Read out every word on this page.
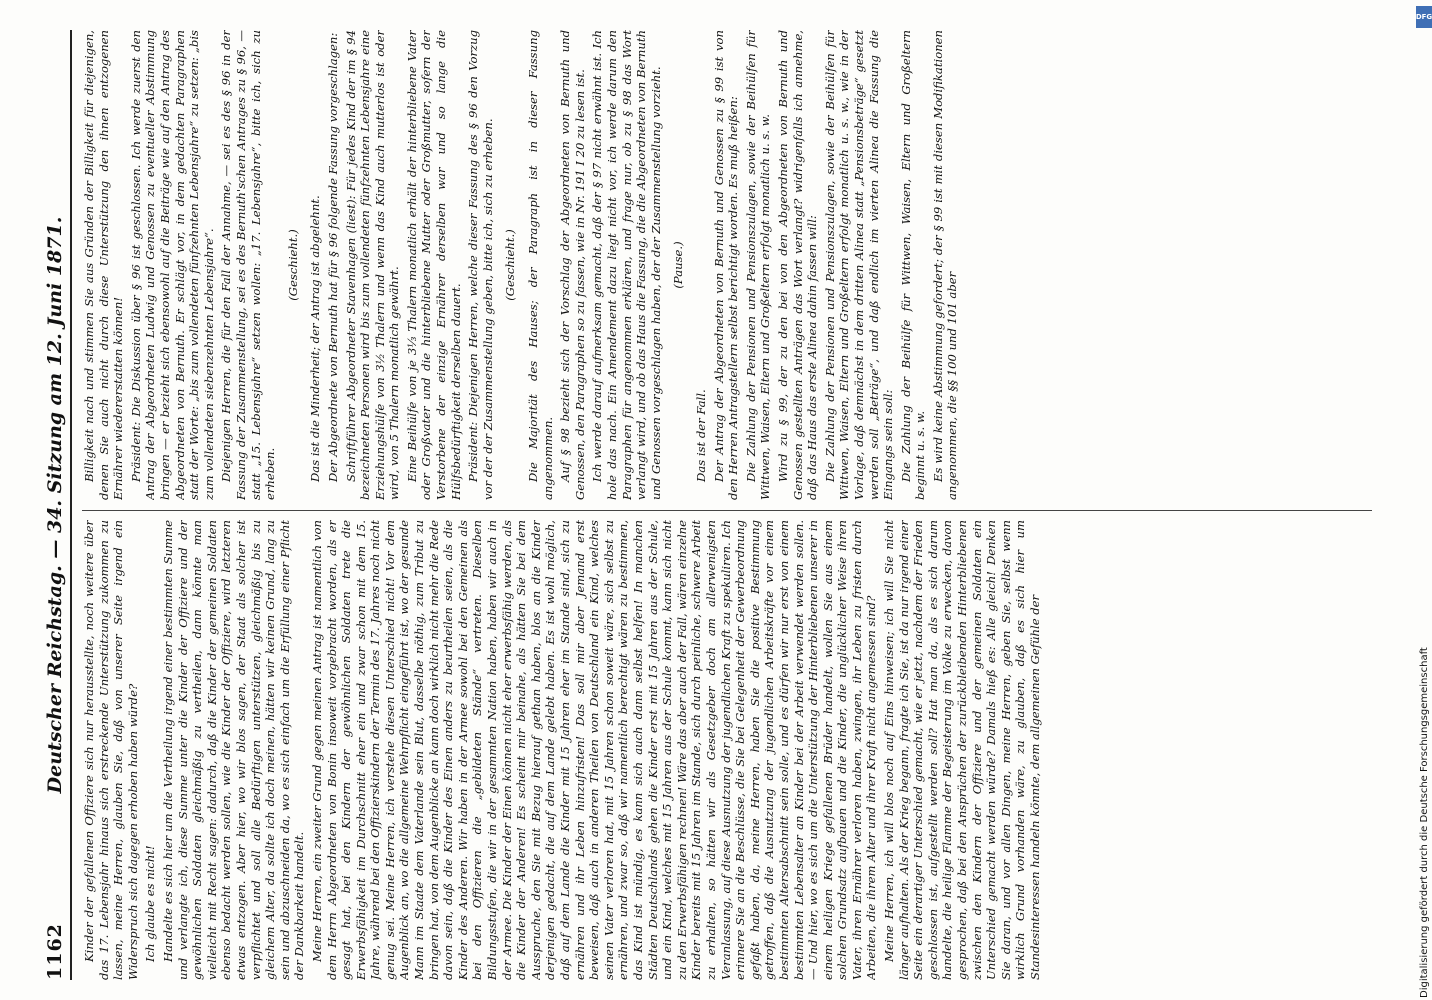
1162
Deutscher Reichstag. — 34. Sitzung am 12. Juni 1871. Kinder der gefallenen Offiziere sich nur herausstellte, noch weitere über das 17. Lebensjahr hinaus sich erstreckende Unterstützung zukommen zu lassen, meine Herren, glauben Sie, daß von unserer Seite irgend ein Widerspruch sich dagegen erhoben haben würde? Ich glaube es nicht! Handelte es sich hier um die Vertheilung irgend einer bestimmten Summe und verlangte ich, diese Summe unter die Kinder der Offiziere und der gewöhnlichen Soldaten gleichmäßig zu vertheilen, dann könnte man vielleicht mit Recht sagen: dadurch, daß die Kinder der gemeinen Soldaten ebenso bedacht werden sollen, wie die Kinder der Offiziere, wird letzteren etwas entzogen. Aber hier, wo wir blos sagen, der Staat als solcher ist verpflichtet und soll alle Bedürftigen unterstützen, gleichmäßig bis zu gleichem Alter, da sollte ich doch meinen, hätten wir keinen Grund, lang zu sein und abzuschneiden da, wo es sich einfach um die Erfüllung einer Pflicht der Dankbarkeit handelt. Meine Herren, ein zweiter Grund gegen meinen Antrag ist namentlich von dem Herrn Abgeordneten von Bonin insoweit vorgebracht worden, als er gesagt hat, bei den Kindern der gewöhnlichen Soldaten trete die Erwerbsfähigkeit im Durchschnitt eher ein und zwar schon mit dem 15. Jahre, während bei den Offizierskindern der Termin des 17. Jahres noch nicht genug sei. Meine Herren, ich verstehe diesen Unterschied nicht! Vor dem Augenblick an, wo die allgemeine Wehrpflicht eingeführt ist, wo der gesunde Mann im Staate dem Vaterlande sein Blut, dasselbe nöthig, zum Tribut zu bringen hat, von dem Augenblicke an kann doch wirklich nicht mehr die Rede davon sein, daß die Kinder des Einen anders zu beurtheilen seien, als die Kinder des Anderen. Wir haben in der Armee sowohl bei den Gemeinen als bei den Offizieren die „gebildeten Stände“ vertreten. Dieselben Bildungsstufen, die wir in der gesammten Nation haben, haben wir auch in der Armee. Die Kinder der Einen können nicht eher erwerbsfähig werden, als die Kinder der Anderen! Es scheint mir beinahe, als hätten Sie bei dem Ausspruche, den Sie mit Bezug hierauf gethan haben, blos an die Kinder derjenigen gedacht, die auf dem Lande gelebt haben. Es ist wohl möglich, daß auf dem Lande die Kinder mit 15 Jahren eher im Stande sind, sich zu ernähren und ihr Leben hinzufristen! Das soll mir aber Jemand erst beweisen, daß auch in anderen Theilen von Deutschland ein Kind, welches seinen Vater verloren hat, mit 15 Jahren schon soweit wäre, sich selbst zu ernähren, und zwar so, daß wir namentlich berechtigt wären zu bestimmen, das Kind ist mündig, es kann sich auch dann selbst helfen! In manchen Städten Deutschlands gehen die Kinder erst mit 15 Jahren aus der Schule, und ein Kind, welches mit 15 Jahren aus der Schule kommt, kann sich nicht zu den Erwerbsfähigen rechnen! Wäre das aber auch der Fall, wären einzelne Kinder bereits mit 15 Jahren im Stande, sich durch peinliche, schwere Arbeit zu erhalten, so hätten wir als Gesetzgeber doch am allerwenigsten Veranlassung, auf diese Ausnutzung der jugendlichen Kraft zu spekuliren. Ich erinnere Sie an die Beschlüsse, die Sie bei Gelegenheit der Gewerbeordnung gefaßt haben, da, meine Herren, haben Sie die positive Bestimmung getroffen, daß die Ausnutzung der jugendlichen Arbeitskräfte vor einem bestimmten Altersabschnitt sein solle, und es dürfen wir nur erst von einem bestimmten Lebensalter an Kinder bei der Arbeit verwendet werden sollen. — Und hier, wo es sich um die Unterstützung der Hinterbliebenen unserer in einem heiligen Kriege gefallenen Brüder handelt, wollen Sie aus einem solchen Grundsatz aufbauen und die Kinder, die unglücklicher Weise ihren Vater, ihren Ernährer verloren haben, zwingen, ihr Leben zu fristen durch Arbeiten, die ihrem Alter und ihrer Kraft nicht angemessen sind? Meine Herren, ich will blos noch auf Eins hinweisen; ich will Sie nicht länger aufhalten. Als der Krieg begann, fragte ich Sie, ist da nur irgend einer Seite ein derartiger Unterschied gemacht, wie er jetzt, nachdem der Frieden geschlossen ist, aufgestellt werden soll? Hat man da, als es sich darum handelte, die heilige Flamme der Begeisterung im Volke zu erwecken, davon gesprochen, daß bei den Ansprüchen der zurückbleibenden Hinterbliebenen zwischen den Kindern der Offiziere und der gemeinen Soldaten ein Unterschied gemacht werden würde? Damals hieß es: Alle gleich! Denken Sie daran, und vor allen Dingen, meine Herren, geben Sie, selbst wenn wirklich Grund vorhanden wäre, zu glauben, daß es sich hier um Standesinteressen handeln könnte, dem allgemeinen Gefühle der

Billigkeit nach und stimmen Sie aus Gründen der Billigkeit für diejenigen, denen Sie auch nicht durch diese Unterstützung den ihnen entzogenen Ernährer wiedererstatten können! Präsident: Die Diskussion über § 96 ist geschlossen. Ich werde zuerst den Antrag der Abgeordneten Ludwig und Genossen zu eventueller Abstimmung bringen — er bezieht sich ebensowohl auf die Beiträge wie auf den Antrag des Abgeordneten von Bernuth. Er schlägt vor, in dem gedachten Paragraphen statt der Worte: „bis zum vollendeten fünfzehnten Lebensjahre“ zu setzen: „bis zum vollendeten siebenzehnten Lebensjahre“. Diejenigen Herren, die für den Fall der Annahme, — sei es des § 96 in der Fassung der Zusammenstellung, sei es des Bernuth'schen Antrages zu § 96, — statt „15. Lebensjahre“ setzen wollen: „17. Lebensjahre“, bitte ich, sich zu erheben.

(Geschieht.) Das ist die Minderheit; der Antrag ist abgelehnt. Der Abgeordnete von Bernuth hat für § 96 folgende Fassung vorgeschlagen: Schriftführer Abgeordneter Stavenhagen (liest): Für jedes Kind der im § 94 bezeichneten Personen wird bis zum vollendeten fünfzehnten Lebensjahre eine Erziehungshülfe von 3½ Thalern und wenn das Kind auch mutterlos ist oder wird, von 5 Thalern monatlich gewährt. Eine Beihülfe von je 3⅓ Thalern monatlich erhält der hinterbliebene Vater oder Großvater und die hinterbliebene Mutter oder Großmutter, sofern der Verstorbene der einzige Ernährer derselben war und so lange die Hülfsbedürftigkeit derselben dauert. Präsident: Diejenigen Herren, welche dieser Fassung des § 96 den Vorzug vor der der Zusammenstellung geben, bitte ich, sich zu erheben. (Geschieht.) Die Majorität des Hauses; der Paragraph ist in dieser Fassung angenommen. Auf § 98 bezieht sich der Vorschlag der Abgeordneten von Bernuth und Genossen, den Paragraphen so zu fassen, wie in Nr. 191 I 20 zu lesen ist. Ich werde darauf aufmerksam gemacht, daß der § 97 nicht erwähnt ist. Ich hole das nach. Ein Amendement dazu liegt nicht vor, ich werde darum den Paragraphen für angenommen erklären, und frage nur, ob zu § 98 das Wort verlangt wird, und ob das Haus die Fassung, die die Abgeordneten von Bernuth und Genossen vorgeschlagen haben, der der Zusammenstellung vorzieht. (Pause.)

Das ist der Fall. Der Antrag der Abgeordneten von Bernuth und Genossen zu § 99 ist von den Herren Antragstellern selbst berichtigt worden. Es muß heißen: Die Zahlung der Pensionen und Pensionszulagen, sowie der Beihülfen für Wittwen, Waisen, Eltern und Großeltern erfolgt monatlich u. s. w. Wird zu § 99, der zu den bei von den Abgeordneten von Bernuth und Genossen gestellten Anträgen das Wort verlangt? widrigenfalls ich annehme, daß das Haus das erste Alinea dahin fassen will: Die Zahlung der Pensionen und Pensionszulagen, sowie der Beihülfen für Wittwen, Waisen, Eltern und Großeltern erfolgt monatlich u. s. w., wie in der Vorlage, daß demnächst in dem dritten Alinea statt „Pensionsbeträge“ gesetzt werden soll „Beträge“, und daß endlich im vierten Alinea die Fassung die Eingangs sein soll: Die Zahlung der Beihülfe für Wittwen, Waisen, Eltern und Großeltern beginnt u. s. w. Es wird keine Abstimmung gefordert; der § 99 ist mit diesen Modifikationen angenommen, die §§ 100 und 101 aber

DFG
Digitalisierung gefördert durch die Deutsche Forschungsgemeinschaft
